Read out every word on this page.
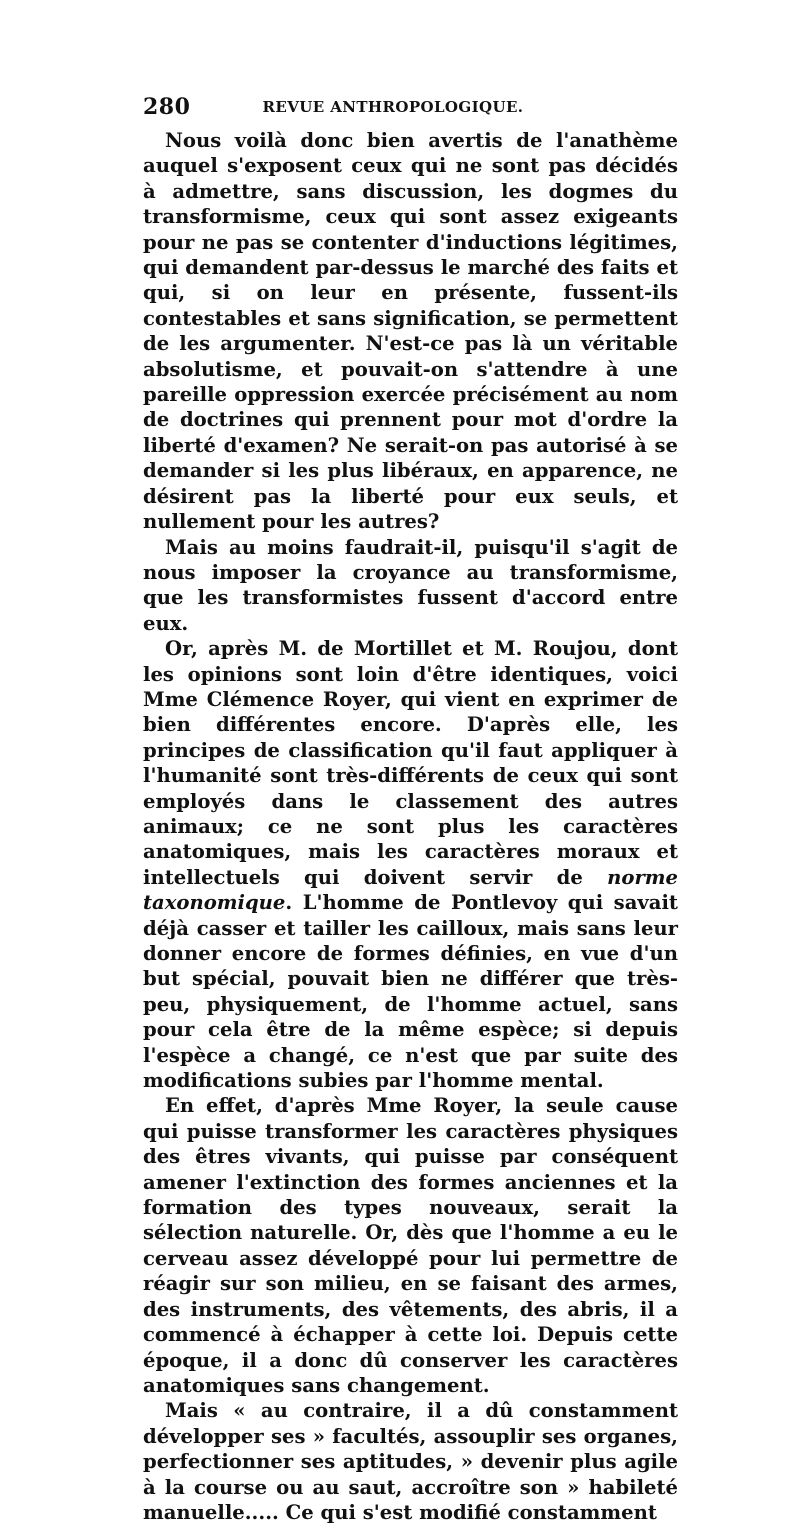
280	REVUE ANTHROPOLOGIQUE.

Nous voilà donc bien avertis de l'anathème auquel s'exposent ceux qui ne sont pas décidés à admettre, sans discussion, les dogmes du transformisme, ceux qui sont assez exigeants pour ne pas se contenter d'inductions légitimes, qui demandent par-dessus le marché des faits et qui, si on leur en présente, fussent-ils contestables et sans signification, se permettent de les argumenter. N'est-ce pas là un véritable absolutisme, et pouvait-on s'attendre à une pareille oppression exercée précisément au nom de doctrines qui prennent pour mot d'ordre la liberté d'examen? Ne serait-on pas autorisé à se demander si les plus libéraux, en apparence, ne désirent pas la liberté pour eux seuls, et nullement pour les autres?

Mais au moins faudrait-il, puisqu'il s'agit de nous imposer la croyance au transformisme, que les transformistes fussent d'accord entre eux.

Or, après M. de Mortillet et M. Roujou, dont les opinions sont loin d'être identiques, voici Mme Clémence Royer, qui vient en exprimer de bien différentes encore. D'après elle, les principes de classification qu'il faut appliquer à l'humanité sont très-différents de ceux qui sont employés dans le classement des autres animaux; ce ne sont plus les caractères anatomiques, mais les caractères moraux et intellectuels qui doivent servir de norme taxonomique. L'homme de Pontlevoy qui savait déjà casser et tailler les cailloux, mais sans leur donner encore de formes définies, en vue d'un but spécial, pouvait bien ne différer que très-peu, physiquement, de l'homme actuel, sans pour cela être de la même espèce; si depuis l'espèce a changé, ce n'est que par suite des modifications subies par l'homme mental.

En effet, d'après Mme Royer, la seule cause qui puisse transformer les caractères physiques des êtres vivants, qui puisse par conséquent amener l'extinction des formes anciennes et la formation des types nouveaux, serait la sélection naturelle. Or, dès que l'homme a eu le cerveau assez développé pour lui permettre de réagir sur son milieu, en se faisant des armes, des instruments, des vêtements, des abris, il a commencé à échapper à cette loi. Depuis cette époque, il a donc dû conserver les caractères anatomiques sans changement.

Mais « au contraire, il a dû constamment développer ses » facultés, assouplir ses organes, perfectionner ses aptitudes, » devenir plus agile à la course ou au saut, accroître son » habileté manuelle..... Ce qui s'est modifié constamment
